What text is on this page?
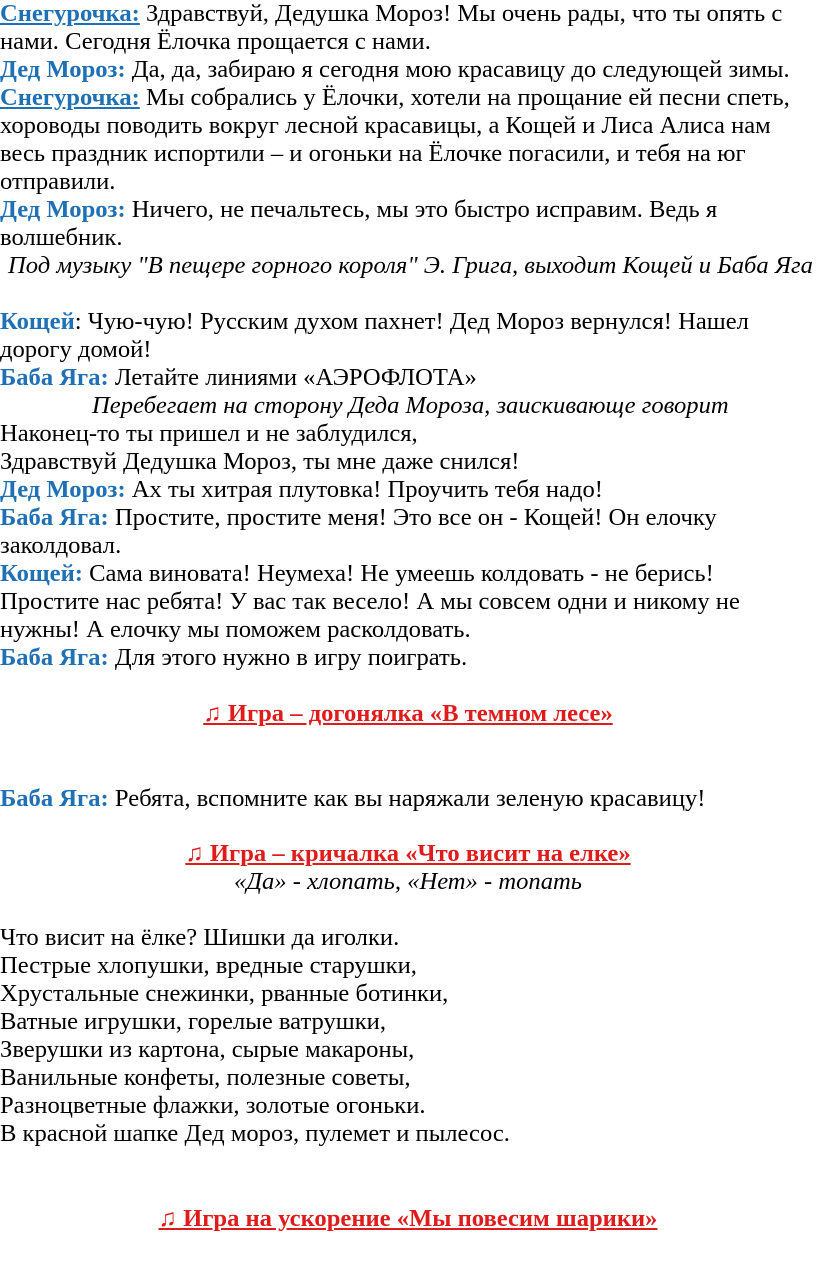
Снегурочка: Здравствуй, Дедушка Мороз! Мы очень рады, что ты опять с нами. Сегодня Ёлочка прощается с нами.

Дед Мороз: Да, да, забираю я сегодня мою красавицу до следующей зимы.

Снегурочка: Мы собрались у Ёлочки, хотели на прощание ей песни спеть, хороводы поводить вокруг лесной красавицы, а Кощей и Лиса Алиса нам весь праздник испортили – и огоньки на Ёлочке погасили, и тебя на юг отправили.

Дед Мороз: Ничего, не печальтесь, мы это быстро исправим. Ведь я волшебник.

Под музыку "В пещере горного короля" Э. Грига, выходит Кощей и Баба Яга

Кощей: Чую-чую! Русским духом пахнет! Дед Мороз вернулся! Нашел дорогу домой!

Баба Яга: Летайте линиями «АЭРОФЛОТА»

Перебегает на сторону Деда Мороза, заискивающе говорит

Наконец-то ты пришел и не заблудился,

Здравствуй Дедушка Мороз, ты мне даже снился!

Дед Мороз: Ах ты хитрая плутовка! Проучить тебя надо!

Баба Яга: Простите, простите меня! Это все он - Кощей! Он елочку заколдовал.

Кощей: Сама виновата! Неумеха! Не умеешь колдовать - не берись! Простите нас ребята! У вас так весело! А мы совсем одни и никому не нужны! А елочку мы поможем расколдовать.

Баба Яга: Для этого нужно в игру поиграть.

♫ Игра – догонялка «В темном лесе»

Баба Яга: Ребята, вспомните как вы наряжали зеленую красавицу!

♫ Игра – кричалка «Что висит на елке»

«Да» - хлопать, «Нет» - топать

Что висит на ёлке? Шишки да иголки.

Пестрые хлопушки, вредные старушки,

Хрустальные снежинки, рванные ботинки,

Ватные игрушки, горелые ватрушки,

Зверушки из картона, сырые макароны,

Ванильные конфеты, полезные советы,

Разноцветные флажки, золотые огоньки.

В красной шапке Дед мороз, пулемет и пылесос.

♫ Игра на ускорение «Мы повесим шарики»
